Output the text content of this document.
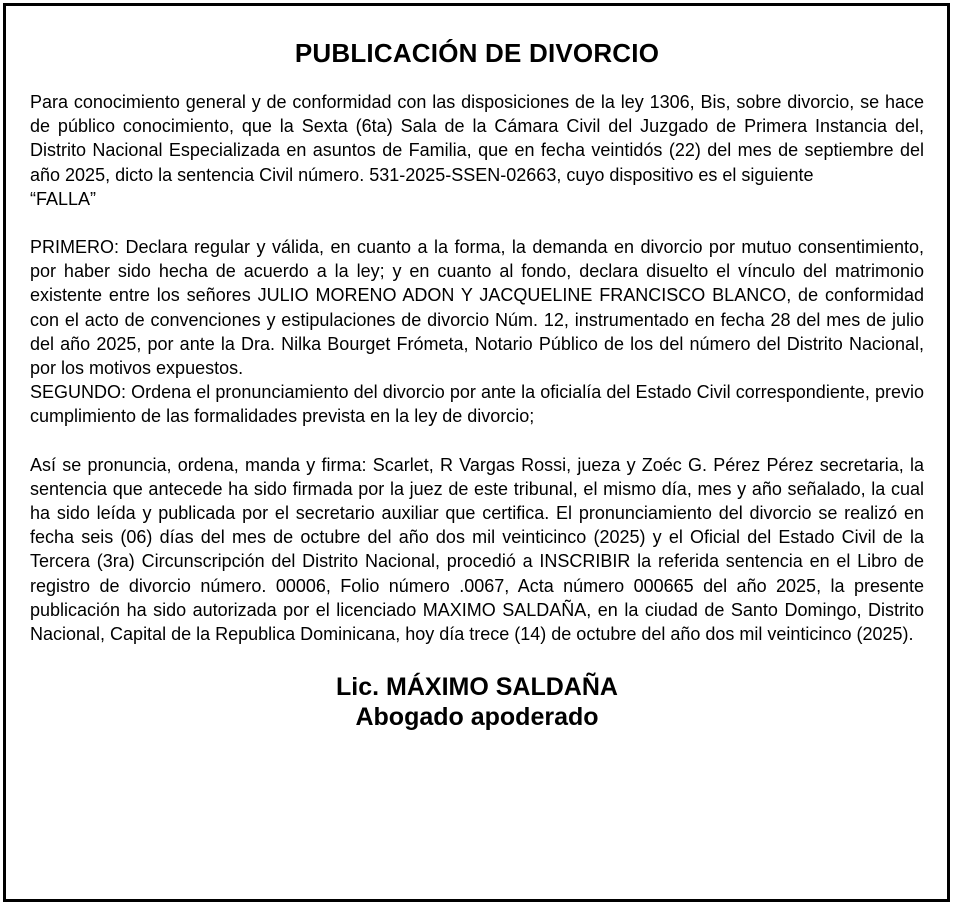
PUBLICACIÓN DE DIVORCIO

Para conocimiento general y de conformidad con las disposiciones de la ley 1306, Bis, sobre divorcio, se hace de público conocimiento, que la Sexta (6ta) Sala de la Cámara Civil del Juzgado de Primera Instancia del, Distrito Nacional Especializada en asuntos de Familia, que en fecha veintidós (22) del mes de septiembre del año 2025, dicto la sentencia Civil número. 531-2025-SSEN-02663, cuyo dispositivo es el siguiente

“FALLA”

PRIMERO: Declara regular y válida, en cuanto a la forma, la demanda en divorcio por mutuo consentimiento, por haber sido hecha de acuerdo a la ley; y en cuanto al fondo, declara disuelto el vínculo del matrimonio existente entre los señores JULIO MORENO ADON Y JACQUELINE FRANCISCO BLANCO, de conformidad con el acto de convenciones y estipulaciones de divorcio Núm. 12, instrumentado en fecha 28 del mes de julio del año 2025, por ante la Dra. Nilka Bourget Frómeta, Notario Público de los del número del Distrito Nacional, por los motivos expuestos.

SEGUNDO: Ordena el pronunciamiento del divorcio por ante la oficialía del Estado Civil correspondiente, previo cumplimiento de las formalidades prevista en la ley de divorcio;

Así se pronuncia, ordena, manda y firma: Scarlet, R Vargas Rossi, jueza y Zoéc G. Pérez Pérez secretaria, la sentencia que antecede ha sido firmada por la juez de este tribunal, el mismo día, mes y año señalado, la cual ha sido leída y publicada por el secretario auxiliar que certifica. El pronunciamiento del divorcio se realizó en fecha seis (06) días del mes de octubre del año dos mil veinticinco (2025) y el Oficial del Estado Civil de la Tercera (3ra) Circunscripción del Distrito Nacional, procedió a INSCRIBIR la referida sentencia en el Libro de registro de divorcio número. 00006, Folio número .0067, Acta número 000665 del año 2025, la presente publicación ha sido autorizada por el licenciado MAXIMO SALDAÑA, en la ciudad de Santo Domingo, Distrito Nacional, Capital de la Republica Dominicana, hoy día trece (14) de octubre del año dos mil veinticinco (2025).

Lic. MÁXIMO SALDAÑA
Abogado apoderado
